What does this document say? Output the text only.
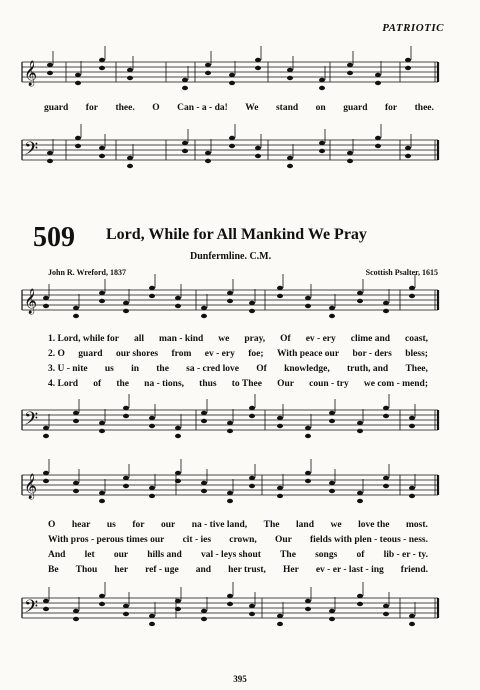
PATRIOTIC
𝄞
𝄢
𝄞
𝄢
𝄞
𝄢
guard for thee. O Can - a - da! We stand on guard for thee.
509 Lord, While for All Mankind We Pray
Dunfermline. C.M.
John R. Wreford, 1837	Scottish Psalter, 1615
1. Lord, while for all man - kind we pray, Of ev - ery clime and coast,
2. O guard our shores from ev - ery foe; With peace our bor - ders bless;
3. U - nite us in the sa - cred love Of knowledge, truth, and Thee,
4. Lord of the na - tions, thus to Thee Our coun - try we com - mend;
O hear us for our na - tive land, The land we love the most.
With pros - perous times our cit - ies crown, Our fields with plen - teous - ness.
And let our hills and val - leys shout The songs of lib - er - ty.
Be Thou her ref - uge and her trust, Her ev - er - last - ing friend.
395
